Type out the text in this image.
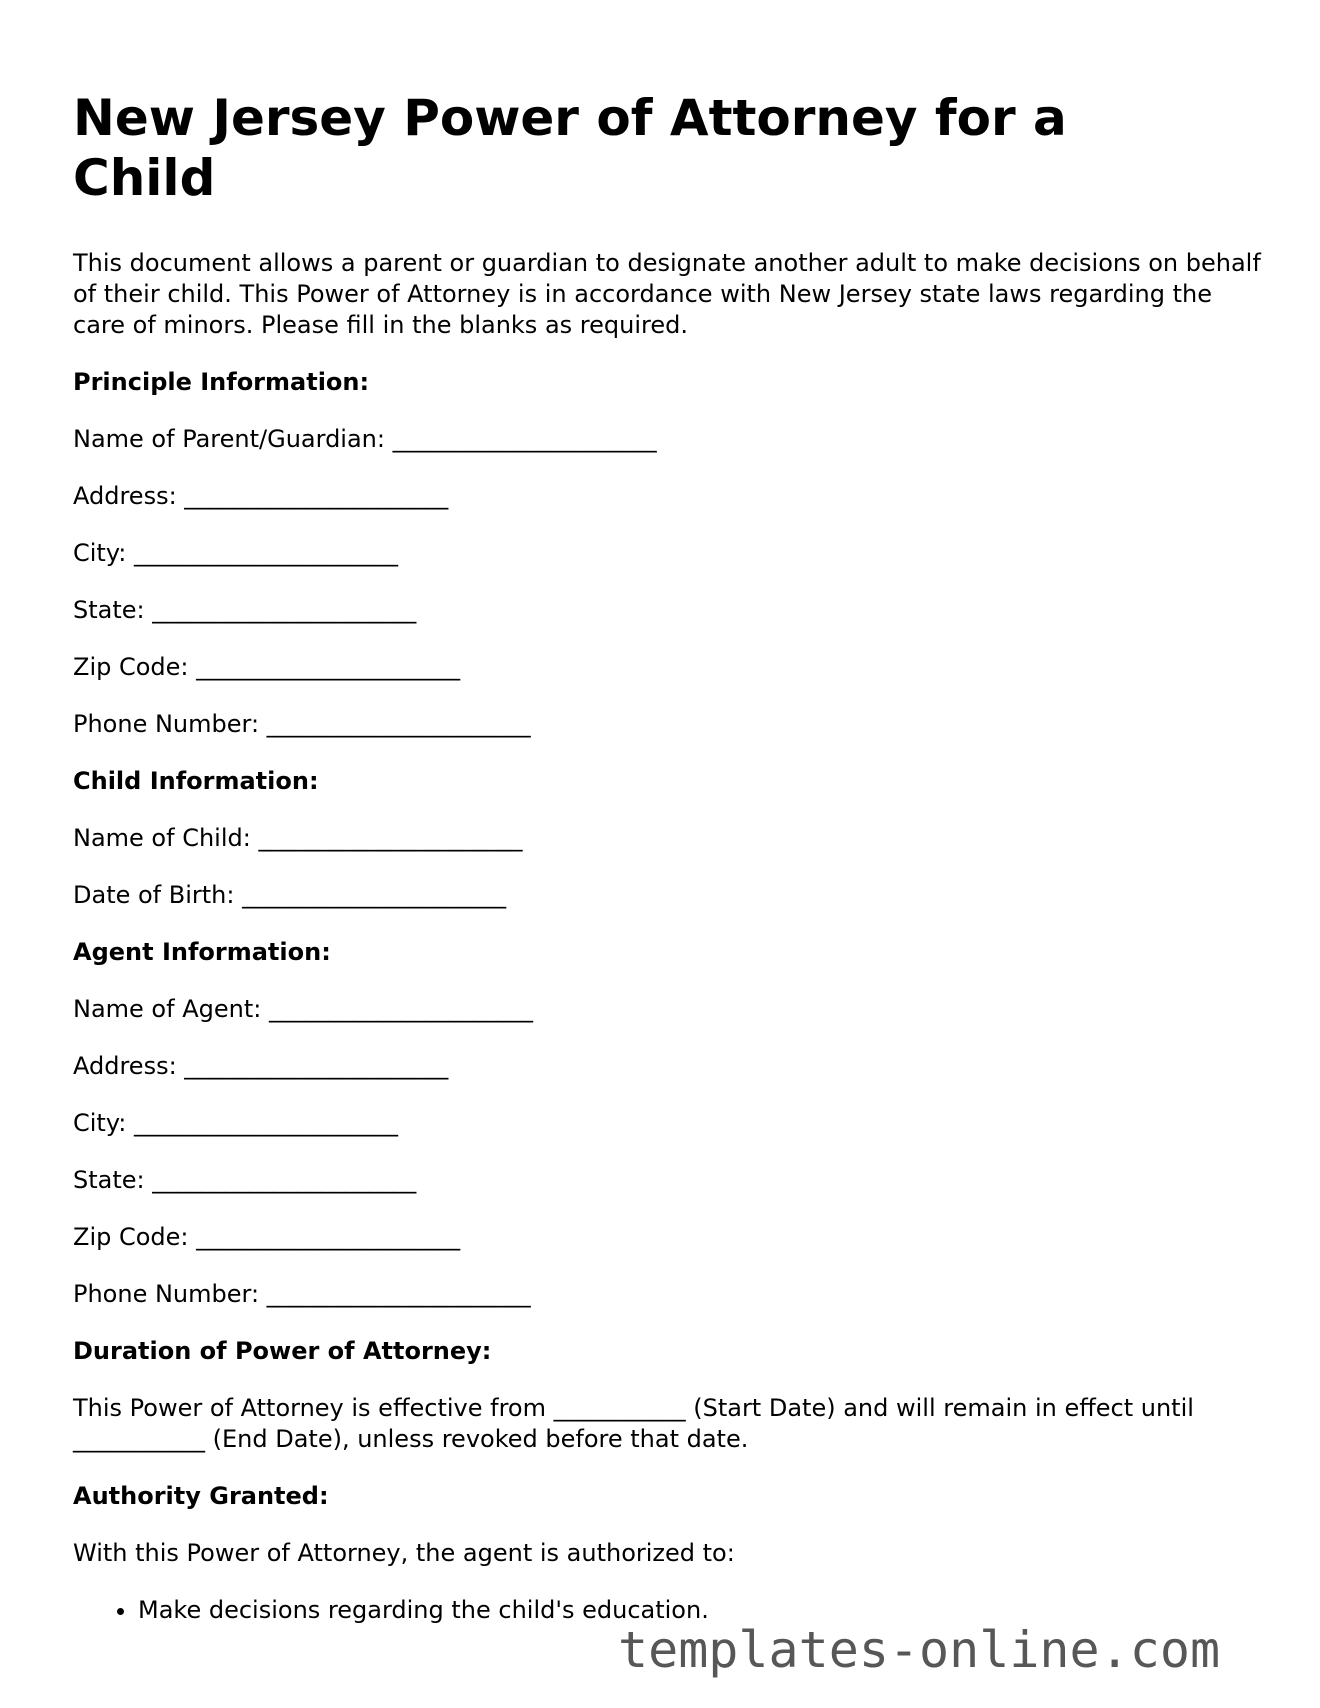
New Jersey Power of Attorney for a Child

This document allows a parent or guardian to designate another adult to make decisions on behalf of their child. This Power of Attorney is in accordance with New Jersey state laws regarding the care of minors. Please fill in the blanks as required.

Principle Information:
Name of Parent/Guardian: ______________________
Address: ______________________
City: ______________________
State: ______________________
Zip Code: ______________________
Phone Number: ______________________
Child Information:
Name of Child: ______________________
Date of Birth: ______________________
Agent Information:
Name of Agent: ______________________
Address: ______________________
City: ______________________
State: ______________________
Zip Code: ______________________
Phone Number: ______________________
Duration of Power of Attorney:

This Power of Attorney is effective from ___________ (Start Date) and will remain in effect until ___________ (End Date), unless revoked before that date.

Authority Granted:

With this Power of Attorney, the agent is authorized to:

• Make decisions regarding the child's education.
templates-online.com
